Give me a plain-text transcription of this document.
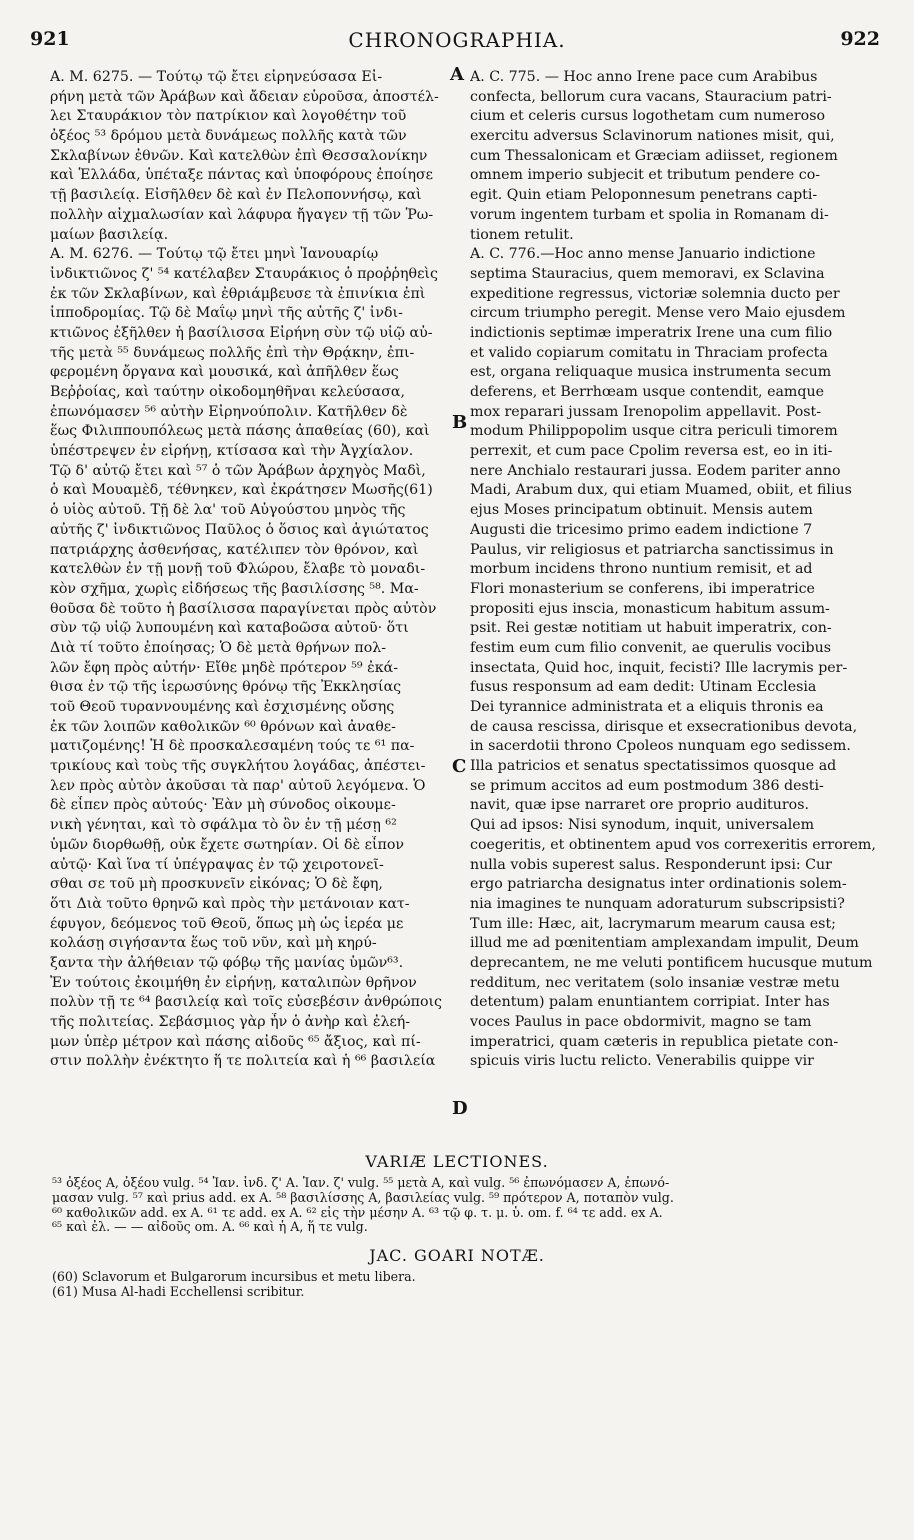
921	CHRONOGRAPHIA.	922
A. M. 6275. — Τούτῳ τῷ ἔτει εἰρηνεύσασα Εἰ-
ρήνη μετὰ τῶν Ἀράβων καὶ ἄδειαν εὑροῦσα, ἀποστέλ-
λει Σταυράκιον τὸν πατρίκιον καὶ λογοθέτην τοῦ
ὀξέος ⁵³ δρόμου μετὰ δυνάμεως πολλῆς κατὰ τῶν
Σκλαβίνων ἐθνῶν. Καὶ κατελθὼν ἐπὶ Θεσσαλονίκην
καὶ Ἑλλάδα, ὑπέταξε πάντας καὶ ὑποφόρους ἐποίησε
τῇ βασιλείᾳ. Εἰσῆλθεν δὲ καὶ ἐν Πελοποννήσῳ, καὶ
πολλὴν αἰχμαλωσίαν καὶ λάφυρα ἤγαγεν τῇ τῶν Ῥω-
μαίων βασιλείᾳ.
A. M. 6276. — Τούτῳ τῷ ἔτει μηνὶ Ἰανουαρίῳ
ἰνδικτιῶνος ζ' ⁵⁴ κατέλαβεν Σταυράκιος ὁ προῤῥηθεὶς
ἐκ τῶν Σκλαβίνων, καὶ ἐθριάμβευσε τὰ ἐπινίκια ἐπὶ
ἱπποδρομίας. Τῷ δὲ Μαΐῳ μηνὶ τῆς αὐτῆς ζ' ἰνδι-
κτιῶνος ἐξῆλθεν ἡ βασίλισσα Εἰρήνη σὺν τῷ υἱῷ αὐ-
τῆς μετὰ ⁵⁵ δυνάμεως πολλῆς ἐπὶ τὴν Θρᾴκην, ἐπι-
φερομένη ὄργανα καὶ μουσικά, καὶ ἀπῆλθεν ἕως
Βεῤῥοίας, καὶ ταύτην οἰκοδομηθῆναι κελεύσασα,
ἐπωνόμασεν ⁵⁶ αὐτὴν Εἰρηνούπολιν. Κατῆλθεν δὲ
ἕως Φιλιππουπόλεως μετὰ πάσης ἀπαθείας (60), καὶ
ὑπέστρεψεν ἐν εἰρήνῃ, κτίσασα καὶ τὴν Ἀγχίαλον.
Τῷ δ' αὐτῷ ἔτει καὶ ⁵⁷ ὁ τῶν Ἀράβων ἀρχηγὸς Μαδὶ,
ὁ καὶ Μουαμὲδ, τέθνηκεν, καὶ ἐκράτησεν Μωσῆς(61)
ὁ υἱὸς αὐτοῦ. Τῇ δὲ λα' τοῦ Αὐγούστου μηνὸς τῆς
αὐτῆς ζ' ἰνδικτιῶνος Παῦλος ὁ ὅσιος καὶ ἁγιώτατος
πατριάρχης ἀσθενήσας, κατέλιπεν τὸν θρόνον, καὶ
κατελθὼν ἐν τῇ μονῇ τοῦ Φλώρου, ἔλαβε τὸ μοναδι-
κὸν σχῆμα, χωρὶς εἰδήσεως τῆς βασιλίσσης ⁵⁸. Μα-
θοῦσα δὲ τοῦτο ἡ βασίλισσα παραγίνεται πρὸς αὐτὸν
σὺν τῷ υἱῷ λυπουμένη καὶ καταβοῶσα αὐτοῦ· ὅτι
Διὰ τί τοῦτο ἐποίησας; Ὁ δὲ μετὰ θρήνων πολ-
λῶν ἔφη πρὸς αὐτήν· Εἴθε μηδὲ πρότερον ⁵⁹ ἐκά-
θισα ἐν τῷ τῆς ἱερωσύνης θρόνῳ τῆς Ἐκκλησίας
τοῦ Θεοῦ τυραννουμένης καὶ ἐσχισμένης οὔσης
ἐκ τῶν λοιπῶν καθολικῶν ⁶⁰ θρόνων καὶ ἀναθε-
ματιζομένης! Ἡ δὲ προσκαλεσαμένη τούς τε ⁶¹ πα-
τρικίους καὶ τοὺς τῆς συγκλήτου λογάδας, ἀπέστει-
λεν πρὸς αὐτὸν ἀκοῦσαι τὰ παρ' αὐτοῦ λεγόμενα. Ὁ
δὲ εἶπεν πρὸς αὐτούς· Ἐὰν μὴ σύνοδος οἰκουμε-
νικὴ γένηται, καὶ τὸ σφάλμα τὸ ὂν ἐν τῇ μέσῃ ⁶²
ὑμῶν διορθωθῇ, οὐκ ἔχετε σωτηρίαν. Οἱ δὲ εἶπον
αὐτῷ· Καὶ ἵνα τί ὑπέγραψας ἐν τῷ χειροτονεῖ-
σθαι σε τοῦ μὴ προσκυνεῖν εἰκόνας; Ὁ δὲ ἔφη,
ὅτι Διὰ τοῦτο θρηνῶ καὶ πρὸς τὴν μετάνοιαν κατ-
έφυγον, δεόμενος τοῦ Θεοῦ, ὅπως μὴ ὡς ἱερέα με
κολάσῃ σιγήσαντα ἕως τοῦ νῦν, καὶ μὴ κηρύ-
ξαντα τὴν ἀλήθειαν τῷ φόβῳ τῆς μανίας ὑμῶν⁶³.
Ἐν τούτοις ἐκοιμήθη ἐν εἰρήνῃ, καταλιπὼν θρῆνον
πολὺν τῇ τε ⁶⁴ βασιλείᾳ καὶ τοῖς εὐσεβέσιν ἀνθρώποις
τῆς πολιτείας. Σεβάσμιος γὰρ ἦν ὁ ἀνὴρ καὶ ἐλεή-
μων ὑπὲρ μέτρον καὶ πάσης αἰδοῦς ⁶⁵ ἄξιος, καὶ πί-
στιν πολλὴν ἐνέκτητο ἥ τε πολιτεία καὶ ἡ ⁶⁶ βασιλεία
A. C. 775. — Hoc anno Irene pace cum Arabibus
confecta, bellorum cura vacans, Stauracium patri-
cium et celeris cursus logothetam cum numeroso
exercitu adversus Sclavinorum nationes misit, qui,
cum Thessalonicam et Græciam adiisset, regionem
omnem imperio subjecit et tributum pendere co-
egit. Quin etiam Peloponnesum penetrans capti-
vorum ingentem turbam et spolia in Romanam di-
tionem retulit.
A. C. 776.—Hoc anno mense Januario indictione
septima Stauracius, quem memoravi, ex Sclavina
expeditione regressus, victoriæ solemnia ducto per
circum triumpho peregit. Mense vero Maio ejusdem
indictionis septimæ imperatrix Irene una cum filio
et valido copiarum comitatu in Thraciam profecta
est, organa reliquaque musica instrumenta secum
deferens, et Berrhœam usque contendit, eamque
mox reparari jussam Irenopolim appellavit. Post-
modum Philippopolim usque citra periculi timorem
perrexit, et cum pace Cpolim reversa est, eo in iti-
nere Anchialo restaurari jussa. Eodem pariter anno
Madi, Arabum dux, qui etiam Muamed, obiit, et filius
ejus Moses principatum obtinuit. Mensis autem
Augusti die tricesimo primo eadem indictione 7
Paulus, vir religiosus et patriarcha sanctissimus in
morbum incidens throno nuntium remisit, et ad
Flori monasterium se conferens, ibi imperatrice
propositi ejus inscia, monasticum habitum assum-
psit. Rei gestæ notitiam ut habuit imperatrix, con-
festim eum cum filio convenit, ae querulis vocibus
insectata, Quid hoc, inquit, fecisti? Ille lacrymis per-
fusus responsum ad eam dedit: Utinam Ecclesia
Dei tyrannice administrata et a eliquis thronis ea
de causa rescissa, dirisque et exsecrationibus devota,
in sacerdotii throno Cpoleos nunquam ego sedissem.
Illa patricios et senatus spectatissimos quosque ad
se primum accitos ad eum postmodum 386 desti-
navit, quæ ipse narraret ore proprio audituros.
Qui ad ipsos: Nisi synodum, inquit, universalem
coegeritis, et obtinentem apud vos correxeritis errorem,
nulla vobis superest salus. Responderunt ipsi: Cur
ergo patriarcha designatus inter ordinationis solem-
nia imagines te nunquam adoraturum subscripsisti?
Tum ille: Hæc, ait, lacrymarum mearum causa est;
illud me ad pœnitentiam amplexandam impulit, Deum
deprecantem, ne me veluti pontificem hucusque mutum
redditum, nec veritatem (solo insaniæ vestræ metu
detentum) palam enuntiantem corripiat. Inter has
voces Paulus in pace obdormivit, magno se tam
imperatrici, quam cæteris in republica pietate con-
spicuis viris luctu relicto. Venerabilis quippe vir
A
B
C
D
VARIÆ LECTIONES.
⁵³ ὀξέος A, ὀξέου vulg. ⁵⁴ Ἰαν. ἰνδ. ζ' A. Ἰαν. ζ' vulg. ⁵⁵ μετὰ A, καὶ vulg. ⁵⁶ ἐπωνόμασεν A, ἐπωνό-
μασαν vulg. ⁵⁷ καὶ prius add. ex A. ⁵⁸ βασιλίσσης A, βασιλείας vulg. ⁵⁹ πρότερον A, ποταπὸν vulg.
⁶⁰ καθολικῶν add. ex A. ⁶¹ τε add. ex A. ⁶² εἰς τὴν μέσην A. ⁶³ τῷ φ. τ. μ. ὑ. om. f. ⁶⁴ τε add. ex A.
⁶⁵ καὶ ἐλ. — — αἰδοῦς om. A. ⁶⁶ καὶ ἡ A, ἥ τε vulg.
JAC. GOARI NOTÆ.
(60) Sclavorum et Bulgarorum incursibus et metu libera.
(61) Musa Al-hadi Ecchellensi scribitur.
